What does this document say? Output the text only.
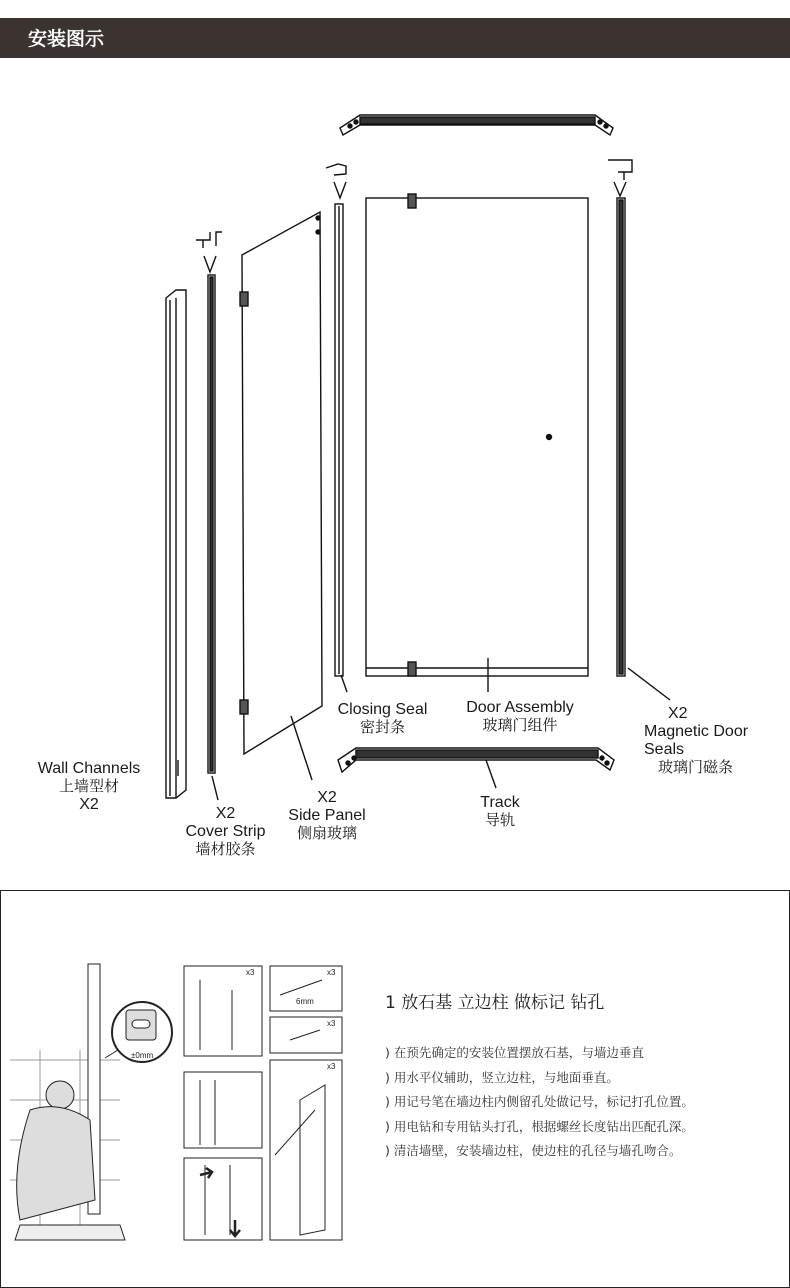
安装图示
Wall Channels
上墙型材
X2
X2
Cover Strip
墙材胶条
X2
Side Panel
侧扇玻璃
Closing Seal
密封条
Door Assembly
玻璃门组件
Track
导轨
X2
Magnetic Door
Seals
玻璃门磁条
±0mm
x3	x3
x3
x3
6mm	1 放石基 立边柱 做标记 钻孔
) 在预先确定的安装位置摆放石基，与墙边垂直
) 用水平仪辅助，竖立边柱，与地面垂直。
) 用记号笔在墙边柱内侧留孔处做记号，标记打孔位置。
) 用电钻和专用钻头打孔，根据螺丝长度钻出匹配孔深。
) 清洁墙壁，安装墙边柱，使边柱的孔径与墙孔吻合。
